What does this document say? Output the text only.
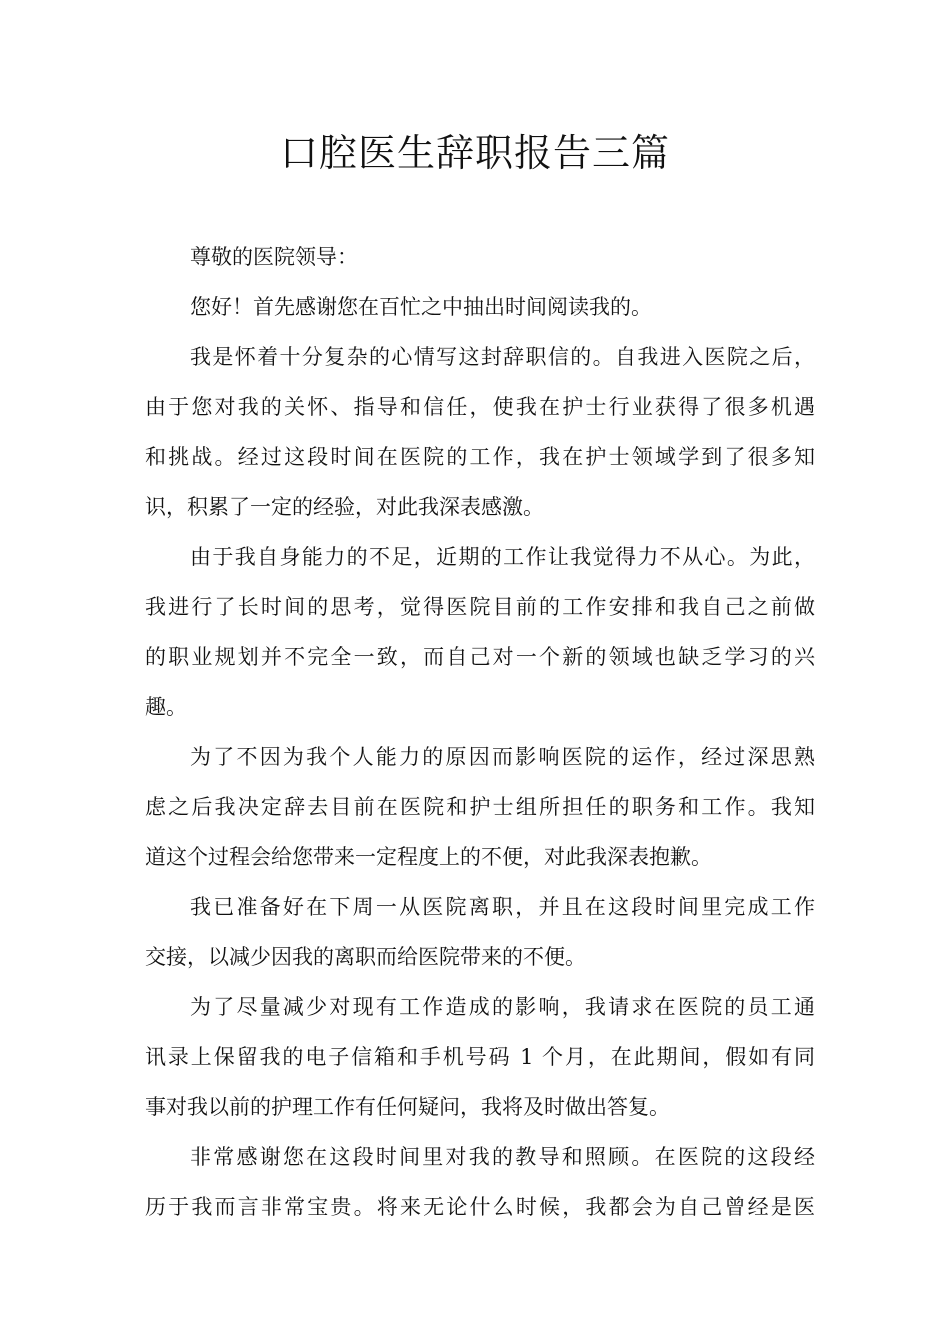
口腔医生辞职报告三篇
尊敬的医院领导：
您好！首先感谢您在百忙之中抽出时间阅读我的。
我是怀着十分复杂的心情写这封辞职信的。自我进入医院之后，
由于您对我的关怀、指导和信任，使我在护士行业获得了很多机遇
和挑战。经过这段时间在医院的工作，我在护士领域学到了很多知
识，积累了一定的经验，对此我深表感激。
由于我自身能力的不足，近期的工作让我觉得力不从心。为此，
我进行了长时间的思考，觉得医院目前的工作安排和我自己之前做
的职业规划并不完全一致，而自己对一个新的领域也缺乏学习的兴
趣。
为了不因为我个人能力的原因而影响医院的运作，经过深思熟
虑之后我决定辞去目前在医院和护士组所担任的职务和工作。我知
道这个过程会给您带来一定程度上的不便，对此我深表抱歉。
我已准备好在下周一从医院离职，并且在这段时间里完成工作
交接，以减少因我的离职而给医院带来的不便。
为了尽量减少对现有工作造成的影响，我请求在医院的员工通
讯录上保留我的电子信箱和手机号码 1 个月，在此期间，假如有同
事对我以前的护理工作有任何疑问，我将及时做出答复。
非常感谢您在这段时间里对我的教导和照顾。在医院的这段经
历于我而言非常宝贵。将来无论什么时候，我都会为自己曾经是医
